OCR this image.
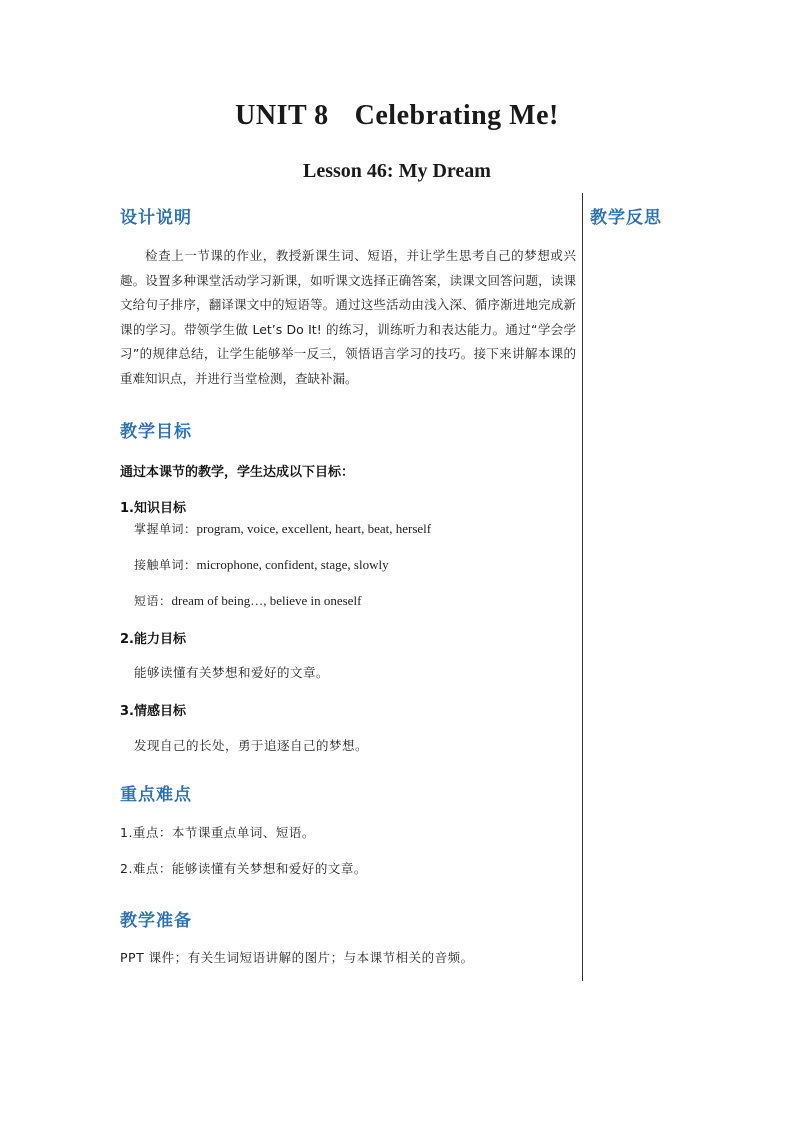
UNIT 8 Celebrating Me!
Lesson 46: My Dream
设计说明	教学反思
检查上一节课的作业，教授新课生词、短语，并让学生思考自己的梦想或兴趣。设置多种课堂活动学习新课，如听课文选择正确答案，读课文回答问题，读课文给句子排序，翻译课文中的短语等。通过这些活动由浅入深、循序渐进地完成新课的学习。带领学生做 Let’s Do It! 的练习，训练听力和表达能力。通过“学会学习”的规律总结，让学生能够举一反三，领悟语言学习的技巧。接下来讲解本课的重难知识点，并进行当堂检测，查缺补漏。
教学目标
通过本课节的教学，学生达成以下目标：
1.知识目标
掌握单词：program, voice, excellent, heart, beat, herself
接触单词：microphone, confident, stage, slowly
短语：dream of being…, believe in oneself
2.能力目标
能够读懂有关梦想和爱好的文章。
3.情感目标
发现自己的长处，勇于追逐自己的梦想。
重点难点
1.重点：本节课重点单词、短语。
2.难点：能够读懂有关梦想和爱好的文章。
教学准备
PPT 课件；有关生词短语讲解的图片；与本课节相关的音频。
